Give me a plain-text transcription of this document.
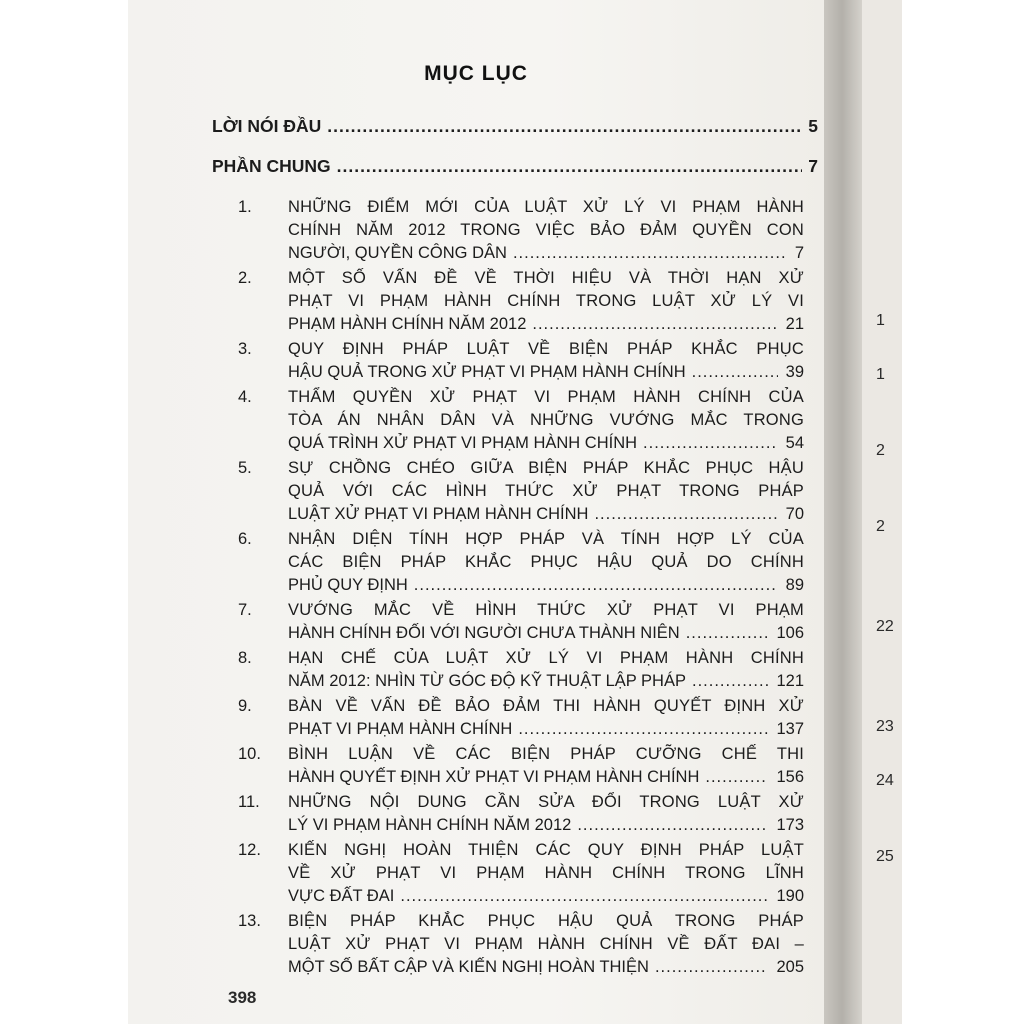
1
1
2
2
22
23
24
25
MỤC LỤC
LỜI NÓI ĐẦU .....	5
PHẦN CHUNG .....	7
1. NHỮNG ĐIỂM MỚI CỦA LUẬT XỬ LÝ VI PHẠM HÀNH
CHÍNH NĂM 2012 TRONG VIỆC BẢO ĐẢM QUYỀN CON
NGƯỜI, QUYỀN CÔNG DÂN .....	7
2. MỘT SỐ VẤN ĐỀ VỀ THỜI HIỆU VÀ THỜI HẠN XỬ
PHẠT VI PHẠM HÀNH CHÍNH TRONG LUẬT XỬ LÝ VI
PHẠM HÀNH CHÍNH NĂM 2012 .....	21
3. QUY ĐỊNH PHÁP LUẬT VỀ BIỆN PHÁP KHẮC PHỤC
HẬU QUẢ TRONG XỬ PHẠT VI PHẠM HÀNH CHÍNH .....	39
4. THẨM QUYỀN XỬ PHẠT VI PHẠM HÀNH CHÍNH CỦA
TÒA ÁN NHÂN DÂN VÀ NHỮNG VƯỚNG MẮC TRONG
QUÁ TRÌNH XỬ PHẠT VI PHẠM HÀNH CHÍNH .....	54
5. SỰ CHỒNG CHÉO GIỮA BIỆN PHÁP KHẮC PHỤC HẬU
QUẢ VỚI CÁC HÌNH THỨC XỬ PHẠT TRONG PHÁP
LUẬT XỬ PHẠT VI PHẠM HÀNH CHÍNH .....	70
6. NHẬN DIỆN TÍNH HỢP PHÁP VÀ TÍNH HỢP LÝ CỦA
CÁC BIỆN PHÁP KHẮC PHỤC HẬU QUẢ DO CHÍNH
PHỦ QUY ĐỊNH .....	89
7. VƯỚNG MẮC VỀ HÌNH THỨC XỬ PHẠT VI PHẠM
HÀNH CHÍNH ĐỐI VỚI NGƯỜI CHƯA THÀNH NIÊN .....	106
8. HẠN CHẾ CỦA LUẬT XỬ LÝ VI PHẠM HÀNH CHÍNH
NĂM 2012: NHÌN TỪ GÓC ĐỘ KỸ THUẬT LẬP PHÁP .....	121
9. BÀN VỀ VẤN ĐỀ BẢO ĐẢM THI HÀNH QUYẾT ĐỊNH XỬ
PHẠT VI PHẠM HÀNH CHÍNH .....	137
10. BÌNH LUẬN VỀ CÁC BIỆN PHÁP CƯỠNG CHẾ THI
HÀNH QUYẾT ĐỊNH XỬ PHẠT VI PHẠM HÀNH CHÍNH .....	156
11. NHỮNG NỘI DUNG CẦN SỬA ĐỔI TRONG LUẬT XỬ
LÝ VI PHẠM HÀNH CHÍNH NĂM 2012 .....	173
12. KIẾN NGHỊ HOÀN THIỆN CÁC QUY ĐỊNH PHÁP LUẬT
VỀ XỬ PHẠT VI PHẠM HÀNH CHÍNH TRONG LĨNH
VỰC ĐẤT ĐAI .....	190
13. BIỆN PHÁP KHẮC PHỤC HẬU QUẢ TRONG PHÁP
LUẬT XỬ PHẠT VI PHẠM HÀNH CHÍNH VỀ ĐẤT ĐAI –
MỘT SỐ BẤT CẬP VÀ KIẾN NGHỊ HOÀN THIỆN .....	205
398
